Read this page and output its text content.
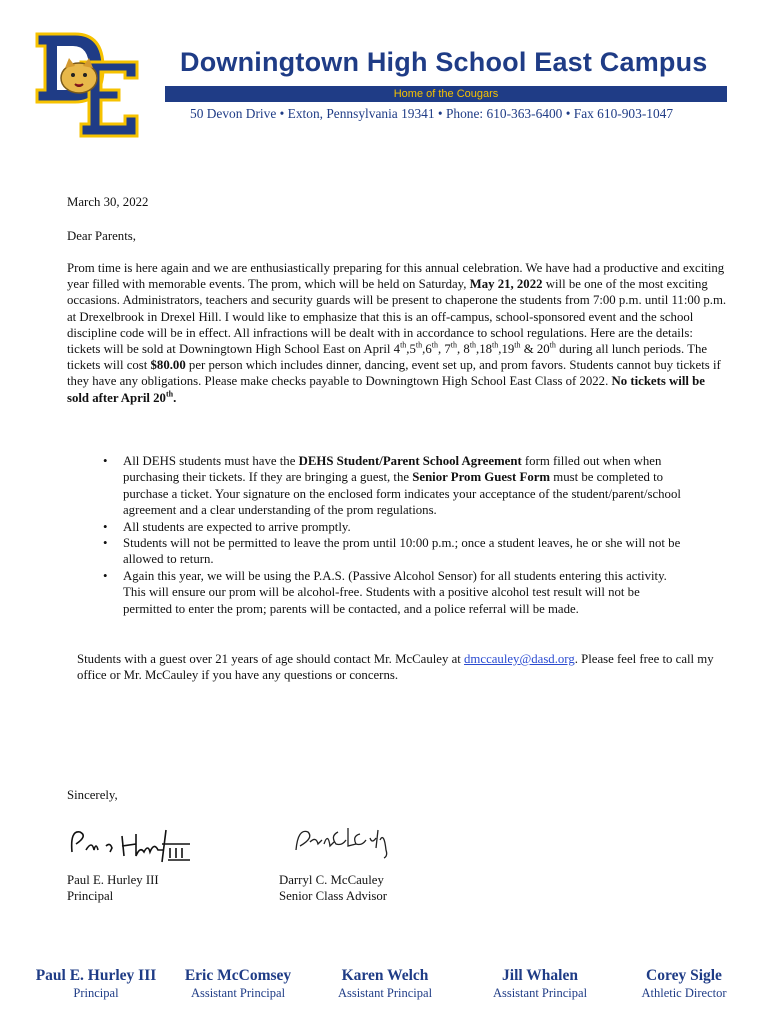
DE
Downingtown High School East Campus
Home of the Cougars
50 Devon Drive • Exton, Pennsylvania 19341 • Phone: 610-363-6400 • Fax 610-903-1047
March 30, 2022
Dear Parents,
Prom time is here again and we are enthusiastically preparing for this annual celebration. We have had a productive and exciting year filled with memorable events. The prom, which will be held on Saturday, May 21, 2022 will be one of the most exciting occasions. Administrators, teachers and security guards will be present to chaperone the students from 7:00 p.m. until 11:00 p.m. at Drexelbrook in Drexel Hill. I would like to emphasize that this is an off-campus, school-sponsored event and the school discipline code will be in effect. All infractions will be dealt with in accordance to school regulations. Here are the details: tickets will be sold at Downingtown High School East on April 4th,5th,6th, 7th, 8th,18th,19th & 20th during all lunch periods. The tickets will cost $80.00 per person which includes dinner, dancing, event set up, and prom favors. Students cannot buy tickets if they have any obligations. Please make checks payable to Downingtown High School East Class of 2022. No tickets will be sold after April 20th.
• All DEHS students must have the DEHS Student/Parent School Agreement form filled out when when purchasing their tickets. If they are bringing a guest, the Senior Prom Guest Form must be completed to purchase a ticket. Your signature on the enclosed form indicates your acceptance of the student/parent/school agreement and a clear understanding of the prom regulations.
• All students are expected to arrive promptly.
• Students will not be permitted to leave the prom until 10:00 p.m.; once a student leaves, he or she will not be allowed to return.
• Again this year, we will be using the P.A.S. (Passive Alcohol Sensor) for all students entering this activity. This will ensure our prom will be alcohol-free. Students with a positive alcohol test result will not be permitted to enter the prom; parents will be contacted, and a police referral will be made.
Students with a guest over 21 years of age should contact Mr. McCauley at dmccauley@dasd.org. Please feel free to call my office or Mr. McCauley if you have any questions or concerns.
Sincerely,
Paul E. Hurley III
Principal
Darryl C. McCauley
Senior Class Advisor
Paul E. Hurley III
Principal
Eric McComsey
Assistant Principal
Karen Welch
Assistant Principal
Jill Whalen
Assistant Principal
Corey Sigle
Athletic Director
